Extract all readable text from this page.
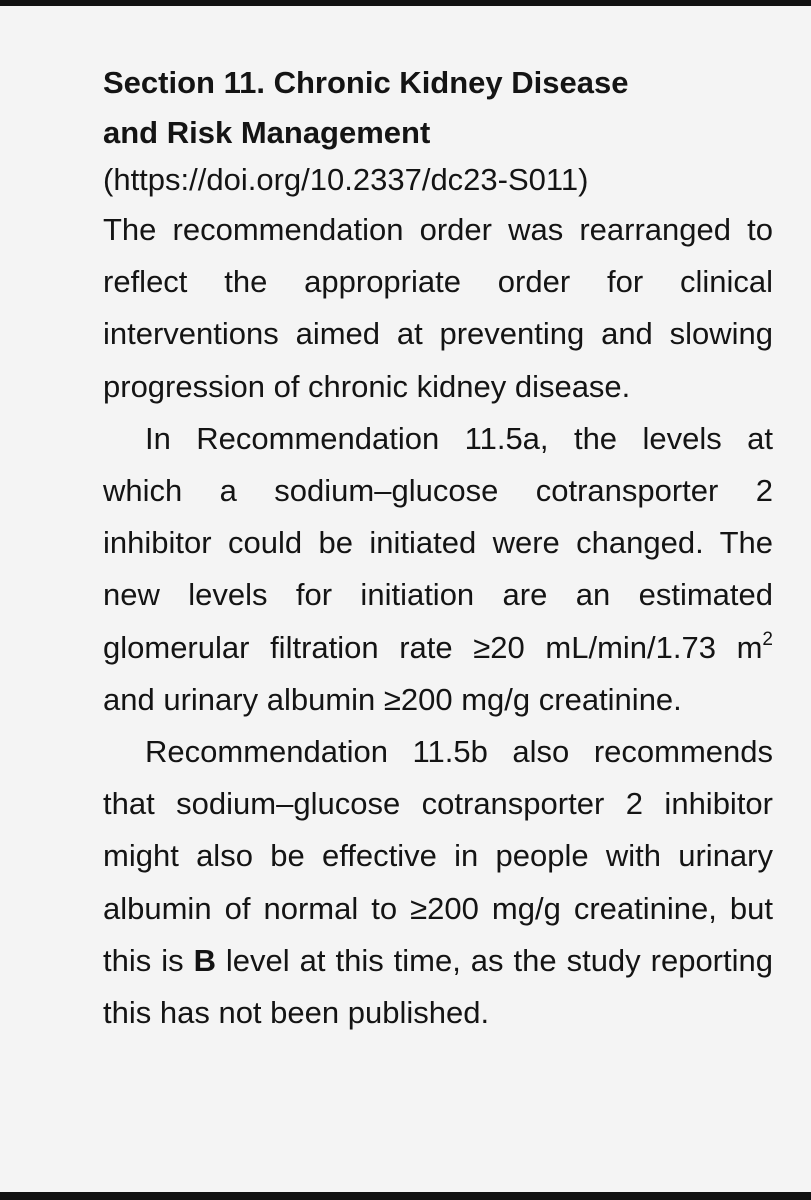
Section 11. Chronic Kidney Disease
and Risk Management
(https://doi.org/10.2337/dc23-S011)

The recommendation order was rearranged to reflect the appropriate order for clinical interventions aimed at preventing and slowing progression of chronic kidney disease.

In Recommendation 11.5a, the levels at which a sodium–glucose cotransporter 2 inhibitor could be initiated were changed. The new levels for initiation are an estimated glomerular filtration rate ≥20 mL/min/1.73 $m^2$ and urinary albumin ≥200 mg/g creatinine.

Recommendation 11.5b also recommends that sodium–glucose cotransporter 2 inhibitor might also be effective in people with urinary albumin of normal to ≥200 mg/g creatinine, but this is B level at this time, as the study reporting this has not been published.
